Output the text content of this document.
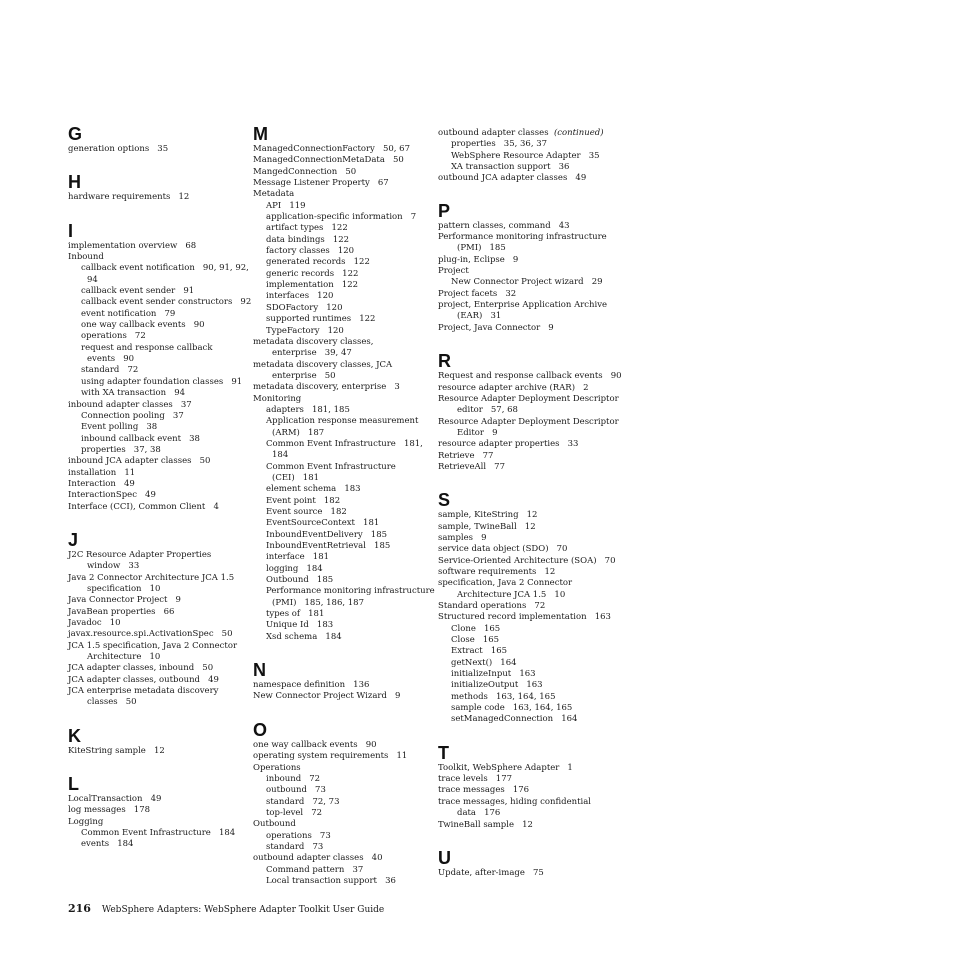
G
generation options   35
H
hardware requirements   12
I
implementation overview   68
Inbound
callback event notification   90, 91, 92,
94
callback event sender   91
callback event sender constructors   92
event notification   79
one way callback events   90
operations   72
request and response callback
events   90
standard   72
using adapter foundation classes   91
with XA transaction   94
inbound adapter classes   37
Connection pooling   37
Event polling   38
inbound callback event   38
properties   37, 38
inbound JCA adapter classes   50
installation   11
Interaction   49
InteractionSpec   49
Interface (CCI), Common Client   4
J
J2C Resource Adapter Properties
window   33
Java 2 Connector Architecture JCA 1.5
specification   10
Java Connector Project   9
JavaBean properties   66
Javadoc   10
javax.resource.spi.ActivationSpec   50
JCA 1.5 specification, Java 2 Connector
Architecture   10
JCA adapter classes, inbound   50
JCA adapter classes, outbound   49
JCA enterprise metadata discovery
classes   50
K
KiteString sample   12
L
LocalTransaction   49
log messages   178
Logging
Common Event Infrastructure   184
events   184
M
ManagedConnectionFactory   50, 67
ManagedConnectionMetaData   50
MangedConnection   50
Message Listener Property   67
Metadata
API   119
application-specific information   7
artifact types   122
data bindings   122
factory classes   120
generated records   122
generic records   122
implementation   122
interfaces   120
SDOFactory   120
supported runtimes   122
TypeFactory   120
metadata discovery classes,
enterprise   39, 47
metadata discovery classes, JCA
enterprise   50
metadata discovery, enterprise   3
Monitoring
adapters   181, 185
Application response measurement
(ARM)   187
Common Event Infrastructure   181,
184
Common Event Infrastructure
(CEI)   181
element schema   183
Event point   182
Event source   182
EventSourceContext   181
InboundEventDelivery   185
InboundEventRetrieval   185
interface   181
logging   184
Outbound   185
Performance monitoring infrastructure
(PMI)   185, 186, 187
types of   181
Unique Id   183
Xsd schema   184
N
namespace definition   136
New Connector Project Wizard   9
O
one way callback events   90
operating system requirements   11
Operations
inbound   72
outbound   73
standard   72, 73
top-level   72
Outbound
operations   73
standard   73
outbound adapter classes   40
Command pattern   37
Local transaction support   36
outbound adapter classes (continued)
properties   35, 36, 37
WebSphere Resource Adapter   35
XA transaction support   36
outbound JCA adapter classes   49
P
pattern classes, command   43
Performance monitoring infrastructure
(PMI)   185
plug-in, Eclipse   9
Project
New Connector Project wizard   29
Project facets   32
project, Enterprise Application Archive
(EAR)   31
Project, Java Connector   9
R
Request and response callback events   90
resource adapter archive (RAR)   2
Resource Adapter Deployment Descriptor
editor   57, 68
Resource Adapter Deployment Descriptor
Editor   9
resource adapter properties   33
Retrieve   77
RetrieveAll   77
S
sample, KiteString   12
sample, TwineBall   12
samples   9
service data object (SDO)   70
Service-Oriented Architecture (SOA)   70
software requirements   12
specification, Java 2 Connector
Architecture JCA 1.5   10
Standard operations   72
Structured record implementation   163
Clone   165
Close   165
Extract   165
getNext()   164
initializeInput   163
initializeOutput   163
methods   163, 164, 165
sample code   163, 164, 165
setManagedConnection   164
T
Toolkit, WebSphere Adapter   1
trace levels   177
trace messages   176
trace messages, hiding confidential
data   176
TwineBall sample   12
U
Update, after-image   75
216 WebSphere Adapters: WebSphere Adapter Toolkit User Guide
